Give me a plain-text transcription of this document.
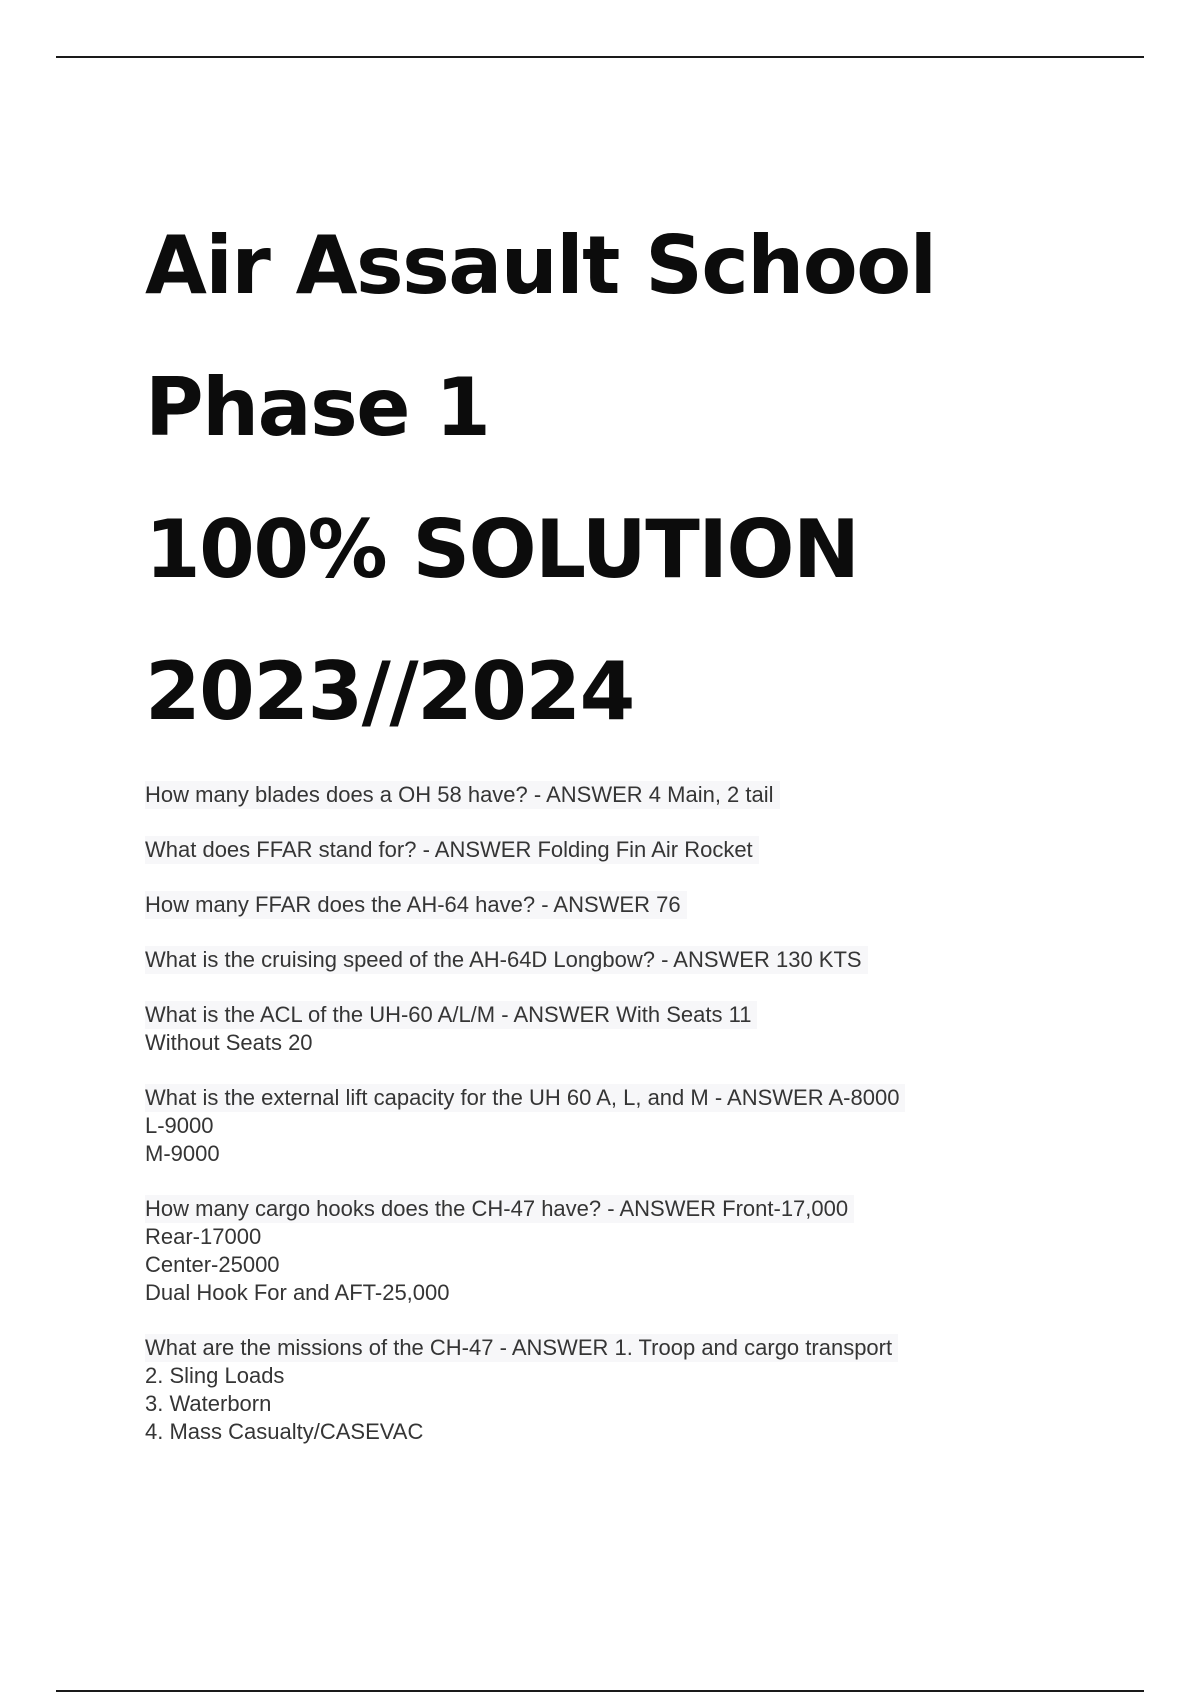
Air Assault School
Phase 1
100% SOLUTION
2023//2024
How many blades does a OH 58 have? - ANSWER 4 Main, 2 tail
What does FFAR stand for? - ANSWER Folding Fin Air Rocket
How many FFAR does the AH-64 have? - ANSWER 76
What is the cruising speed of the AH-64D Longbow? - ANSWER 130 KTS
What is the ACL of the UH-60 A/L/M - ANSWER With Seats 11
Without Seats 20
What is the external lift capacity for the UH 60 A, L, and M - ANSWER A-8000
L-9000
M-9000
How many cargo hooks does the CH-47 have? - ANSWER Front-17,000
Rear-17000
Center-25000
Dual Hook For and AFT-25,000
What are the missions of the CH-47 - ANSWER 1. Troop and cargo transport
2. Sling Loads
3. Waterborn
4. Mass Casualty/CASEVAC
